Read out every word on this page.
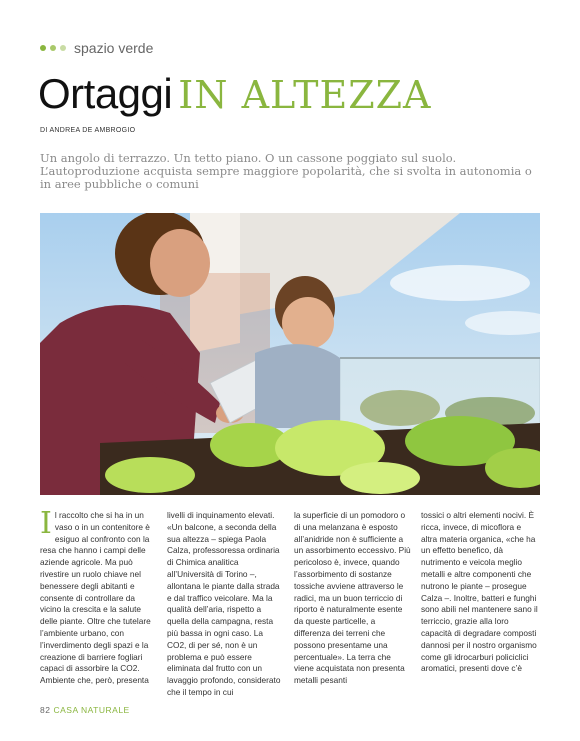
spazio verde
Ortaggi IN ALTEZZA
DI ANDREA DE AMBROGIO
Un angolo di terrazzo. Un tetto piano. O un cassone poggiato sul suolo. L’autoproduzione acquista sempre maggiore popolarità, che si svolta in autonomia o in aree pubbliche o comuni
Il raccolto che si ha in un vaso o in un contenitore è esiguo al confronto con la resa che hanno i campi delle aziende agricole. Ma può rivestire un ruolo chiave nel benessere degli abitanti e consente di controllare da vicino la crescita e la salute delle piante. Oltre che tutelare l’ambiente urbano, con l’inverdimento degli spazi e la creazione di barriere fogliari capaci di assorbire la CO2. Ambiente che, però, presenta
livelli di inquinamento elevati. «Un balcone, a seconda della sua altezza – spiega Paola Calza, professoressa ordinaria di Chimica analitica all’Università di Torino –, allontana le piante dalla strada e dal traffico veicolare. Ma la qualità dell’aria, rispetto a quella della campagna, resta più bassa in ogni caso. La CO2, di per sé, non è un problema e può essere eliminata dal frutto con un lavaggio profondo, considerato che il tempo in cui
la superficie di un pomodoro o di una melanzana è esposto all’anidride non è sufficiente a un assorbimento eccessivo. Più pericoloso è, invece, quando l’assorbimento di sostanze tossiche avviene attraverso le radici, ma un buon terriccio di riporto è naturalmente esente da queste particelle, a differenza dei terreni che possono presentame una percentuale». La terra che viene acquistata non presenta metalli pesanti
tossici o altri elementi nocivi. È ricca, invece, di micoflora e altra materia organica, «che ha un effetto benefico, dà nutrimento e veicola meglio metalli e altre componenti che nutrono le piante – prosegue Calza –. Inoltre, batteri e funghi sono abili nel mantenere sano il terriccio, grazie alla loro capacità di degradare composti dannosi per il nostro organismo come gli idrocarburi policiclici aromatici, presenti dove c’è
82 CASA NATURALE
